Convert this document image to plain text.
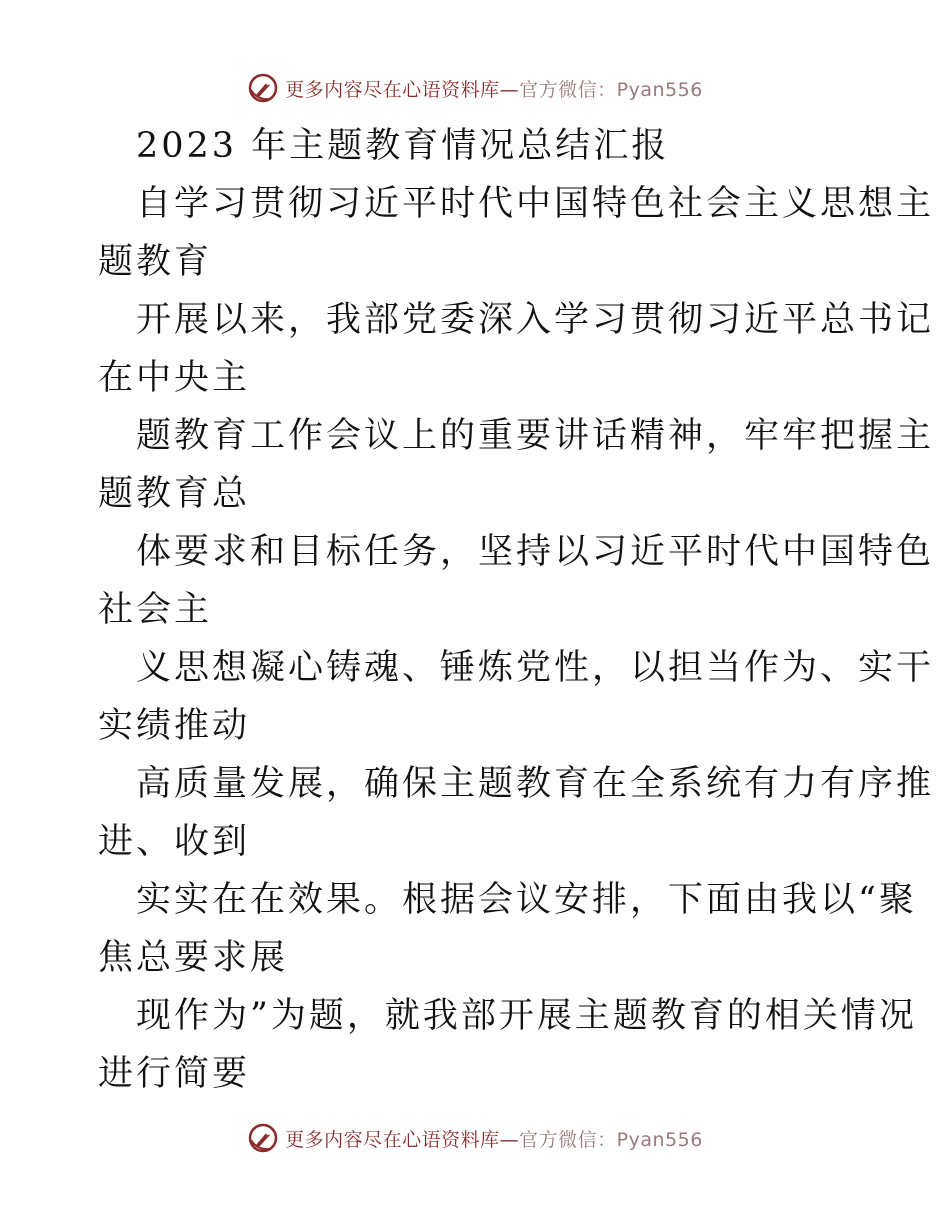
更多内容尽在心语资料库—官方微信：Pyan556
2023 年主题教育情况总结汇报
自学习贯彻习近平时代中国特色社会主义思想主
题教育
开展以来，我部党委深入学习贯彻习近平总书记
在中央主
题教育工作会议上的重要讲话精神，牢牢把握主
题教育总
体要求和目标任务，坚持以习近平时代中国特色
社会主
义思想凝心铸魂、锤炼党性，以担当作为、实干
实绩推动
高质量发展，确保主题教育在全系统有力有序推
进、收到
实实在在效果。根据会议安排，下面由我以“聚
焦总要求展
现作为”为题，就我部开展主题教育的相关情况
进行简要
更多内容尽在心语资料库—官方微信：Pyan556
